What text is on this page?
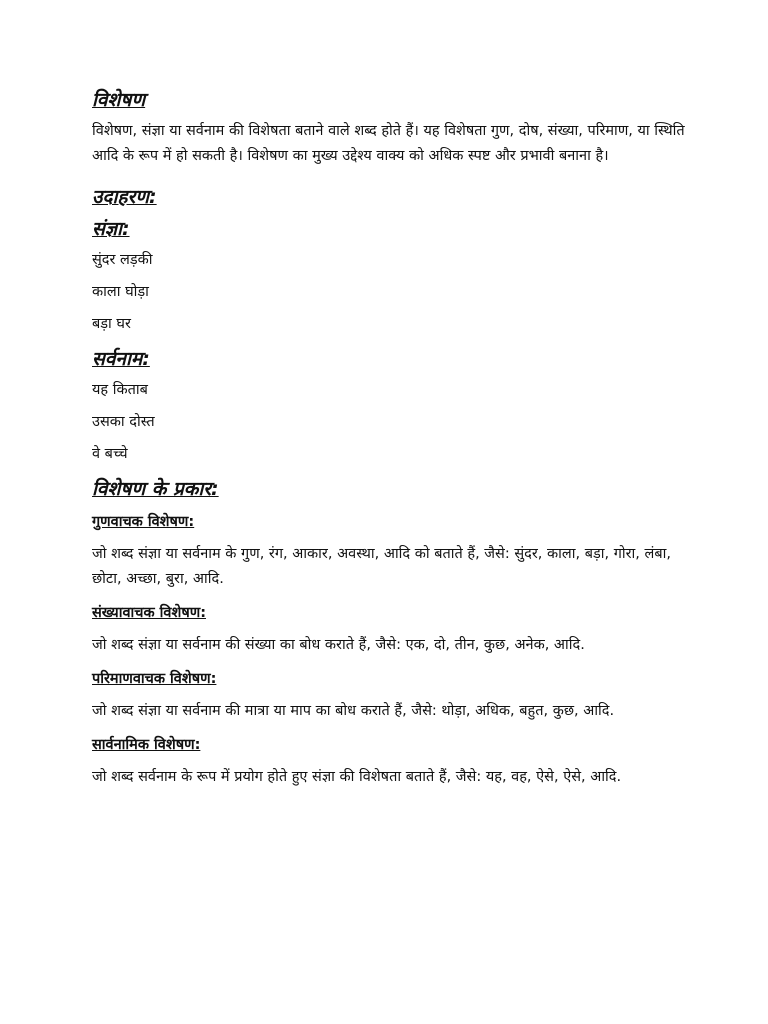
विशेषण

विशेषण, संज्ञा या सर्वनाम की विशेषता बताने वाले शब्द होते हैं। यह विशेषता गुण, दोष, संख्या, परिमाण, या स्थिति आदि के रूप में हो सकती है। विशेषण का मुख्य उद्देश्य वाक्य को अधिक स्पष्ट और प्रभावी बनाना है।

उदाहरण:
संज्ञा:

सुंदर लड़की

काला घोड़ा

बड़ा घर

सर्वनाम:

यह किताब

उसका दोस्त

वे बच्चे

विशेषण के प्रकार:
गुणवाचक विशेषण:

जो शब्द संज्ञा या सर्वनाम के गुण, रंग, आकार, अवस्था, आदि को बताते हैं, जैसे: सुंदर, काला, बड़ा, गोरा, लंबा, छोटा, अच्छा, बुरा, आदि.

संख्यावाचक विशेषण:

जो शब्द संज्ञा या सर्वनाम की संख्या का बोध कराते हैं, जैसे: एक, दो, तीन, कुछ, अनेक, आदि.

परिमाणवाचक विशेषण:

जो शब्द संज्ञा या सर्वनाम की मात्रा या माप का बोध कराते हैं, जैसे: थोड़ा, अधिक, बहुत, कुछ, आदि.

सार्वनामिक विशेषण:

जो शब्द सर्वनाम के रूप में प्रयोग होते हुए संज्ञा की विशेषता बताते हैं, जैसे: यह, वह, ऐसे, ऐसे, आदि.
